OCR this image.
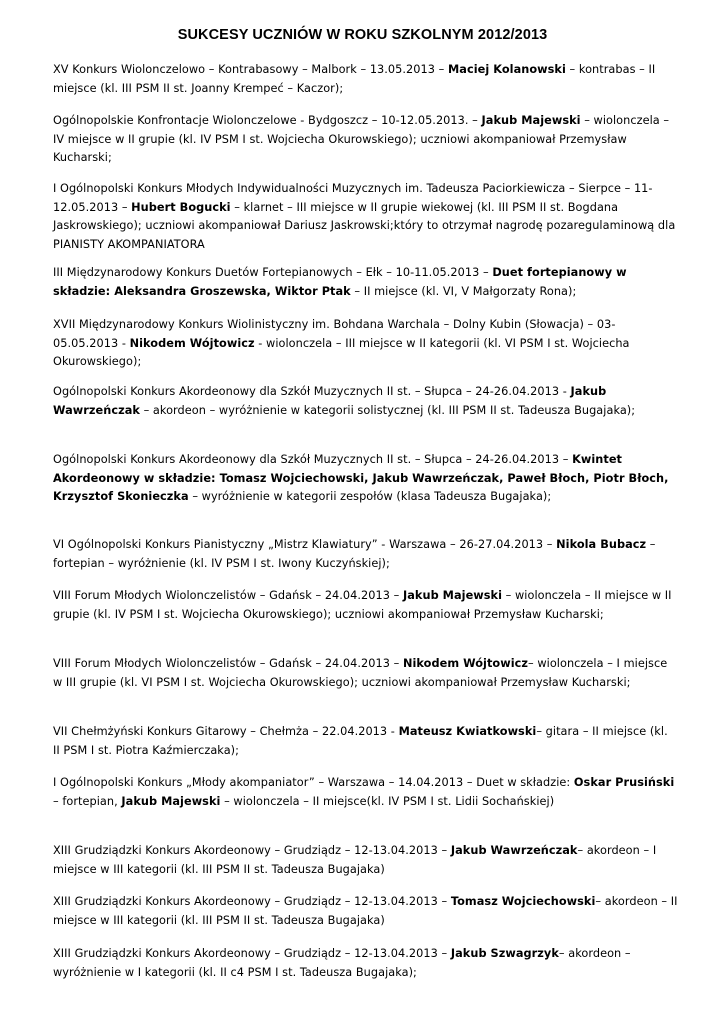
SUKCESY UCZNIÓW W ROKU SZKOLNYM 2012/2013

XV Konkurs Wiolonczelowo – Kontrabasowy – Malbork – 13.05.2013 – Maciej Kolanowski – kontrabas – II miejsce (kl. III PSM II st. Joanny Krempeć – Kaczor);

Ogólnopolskie Konfrontacje Wiolonczelowe - Bydgoszcz – 10-12.05.2013. – Jakub Majewski – wiolonczela – IV miejsce w II grupie (kl. IV PSM I st. Wojciecha Okurowskiego); uczniowi akompaniował Przemysław Kucharski;

I Ogólnopolski Konkurs Młodych Indywidualności Muzycznych im. Tadeusza Paciorkiewicza – Sierpce – 11-12.05.2013 – Hubert Bogucki – klarnet – III miejsce w II grupie wiekowej (kl. III PSM II st. Bogdana Jaskrowskiego); uczniowi akompaniował Dariusz Jaskrowski;który to otrzymał nagrodę pozaregulaminową dla PIANISTY AKOMPANIATORA

III Międzynarodowy Konkurs Duetów Fortepianowych – Ełk – 10-11.05.2013 – Duet fortepianowy w składzie: Aleksandra Groszewska, Wiktor Ptak – II miejsce (kl. VI, V Małgorzaty Rona);

XVII Międzynarodowy Konkurs Wiolinistyczny im. Bohdana Warchala – Dolny Kubin (Słowacja) – 03-05.05.2013 - Nikodem Wójtowicz - wiolonczela – III miejsce w II kategorii (kl. VI PSM I st. Wojciecha Okurowskiego);

Ogólnopolski Konkurs Akordeonowy dla Szkół Muzycznych II st. – Słupca – 24-26.04.2013 - Jakub Wawrzeńczak – akordeon – wyróżnienie w kategorii solistycznej (kl. III PSM II st. Tadeusza Bugajaka);

Ogólnopolski Konkurs Akordeonowy dla Szkół Muzycznych II st. – Słupca – 24-26.04.2013 – Kwintet Akordeonowy w składzie: Tomasz Wojciechowski, Jakub Wawrzeńczak, Paweł Błoch, Piotr Błoch, Krzysztof Skonieczka – wyróżnienie w kategorii zespołów (klasa Tadeusza Bugajaka);

VI Ogólnopolski Konkurs Pianistyczny „Mistrz Klawiatury” - Warszawa – 26-27.04.2013 – Nikola Bubacz – fortepian – wyróżnienie (kl. IV PSM I st. Iwony Kuczyńskiej);

VIII Forum Młodych Wiolonczelistów – Gdańsk – 24.04.2013 – Jakub Majewski – wiolonczela – II miejsce w II grupie (kl. IV PSM I st. Wojciecha Okurowskiego); uczniowi akompaniował Przemysław Kucharski;

VIII Forum Młodych Wiolonczelistów – Gdańsk – 24.04.2013 – Nikodem Wójtowicz– wiolonczela – I miejsce w III grupie (kl. VI PSM I st. Wojciecha Okurowskiego); uczniowi akompaniował Przemysław Kucharski;

VII Chełmżyński Konkurs Gitarowy – Chełmża – 22.04.2013 - Mateusz Kwiatkowski– gitara – II miejsce (kl. II PSM I st. Piotra Kaźmierczaka);

I Ogólnopolski Konkurs „Młody akompaniator” – Warszawa – 14.04.2013 – Duet w składzie: Oskar Prusiński – fortepian, Jakub Majewski – wiolonczela – II miejsce(kl. IV PSM I st. Lidii Sochańskiej)

XIII Grudziądzki Konkurs Akordeonowy – Grudziądz – 12-13.04.2013 – Jakub Wawrzeńczak– akordeon – I miejsce w III kategorii (kl. III PSM II st. Tadeusza Bugajaka)

XIII Grudziądzki Konkurs Akordeonowy – Grudziądz – 12-13.04.2013 – Tomasz Wojciechowski– akordeon – II miejsce w III kategorii (kl. III PSM II st. Tadeusza Bugajaka)

XIII Grudziądzki Konkurs Akordeonowy – Grudziądz – 12-13.04.2013 – Jakub Szwagrzyk– akordeon – wyróżnienie w I kategorii (kl. II c4 PSM I st. Tadeusza Bugajaka);
